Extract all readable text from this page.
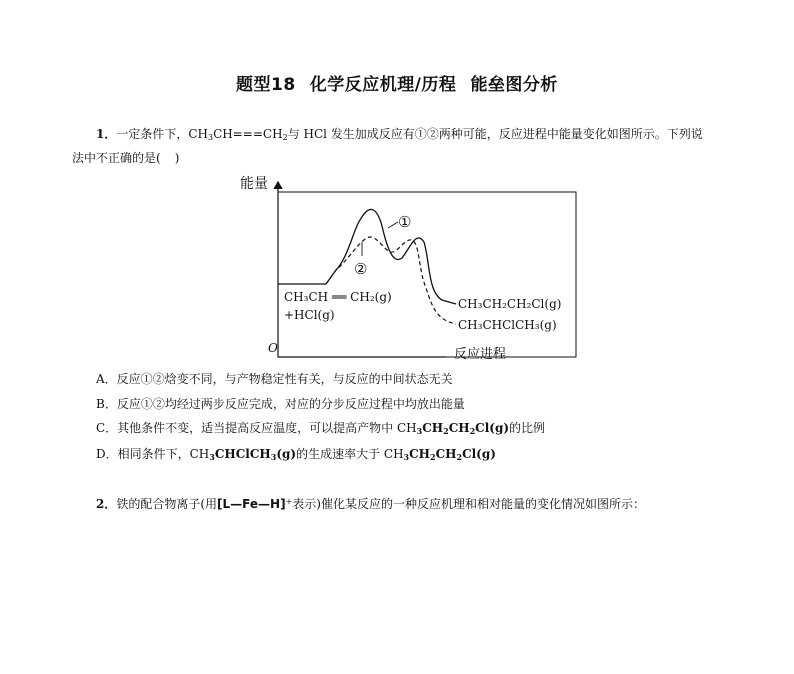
题型18 化学反应机理/历程 能垒图分析
1．一定条件下，$CH_3CH===CH_2$与 HCl 发生加成反应有①②两种可能，反应进程中能量变化如图所示。下列说
法中不正确的是( )
能量
反应进程
O
①
②
CH₃CH ══ CH₂(g)
+HCl(g)
CH₃CH₂CH₂Cl(g)
CH₃CHClCH₃(g)
A．反应①②焓变不同，与产物稳定性有关，与反应的中间状态无关
B．反应①②均经过两步反应完成，对应的分步反应过程中均放出能量
C．其他条件不变，适当提高反应温度，可以提高产物中 $CH_3CH_2CH_2Cl(g)$的比例
D．相同条件下，$CH_3CHClCH_3(g)$的生成速率大于 $CH_3CH_2CH_2Cl(g)$
2．铁的配合物离子(用[L—Fe—H]+表示)催化某反应的一种反应机理和相对能量的变化情况如图所示：
